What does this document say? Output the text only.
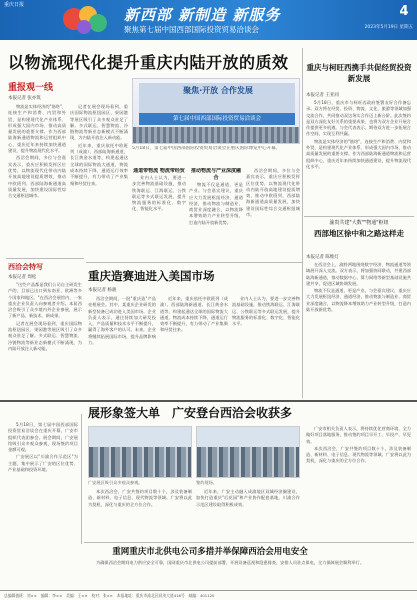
重庆日报
新西部 新制造 新服务
聚焦第七届中国西部国际投资贸易洽谈会
4
2023年5月19日 星期五
以物流现代化提升重庆内陆开放的质效
重报观一线
本报记者 张亦筑

物流是实体经济的"筋络"，连接生产和消费、内贸和外贸，是构建现代化产业体系、形成强大国内市场、推动高质量发展的重要支撑。作为西部陆海新通道物流和运营组织中心，重庆近年来持续加快通道建设，提升物流现代化水平。

西洽会期间，多位与会嘉宾表示，重庆应积极发挥区位优势，以物流现代化带动内陆开放高地建设提质增效，推动中欧班列、西部陆海新通道高质量发展，加快建设国际性综合交通枢纽城市。

记者在展会现场看到，重庆国际物流枢纽园区、果园港等展区吸引了众多观众驻足了解。多式联运、智慧物流、冷链物流等新业态新模式不断涌现，为内陆开放注入新动能。

近年来，重庆依托中欧班列（成渝）、西部陆海新通道、长江黄金水道等，构建起通达全球的国际物流大通道，物流成本持续下降，通道运行效率不断提升，有力带动了产业集聚和经贸往来。

聚焦·开放 合作发展
第七届中国西部国际投资贸易洽谈会
5月18日，第七届中国西部国际投资贸易洽谈会在重庆国际博览中心开幕。
通道带物流 物流带经贸

业内人士认为，要进一步完善物流基础设施，推动铁海联运、江海联运、公铁联运等多式联运发展，提升物流服务的标准化、数字化、智能化水平。

推动物流与产业深度融合

物流不仅是通道，更是产业。与会嘉宾建议，重庆应大力发展枢纽经济、通道经济，推动物流与制造业、商贸业深度融合，以物流降本增效助力产业转型升级，打造内陆开放新优势。

西洽会期间，多位与会嘉宾表示，重庆应积极发挥区位优势，以物流现代化带动内陆开放高地建设提质增效，推动中欧班列、西部陆海新通道高质量发展，加快建设国际性综合交通枢纽城市。

西洽会特写
本报记者 周松

"这些产品都是我们公司自主研发生产的，目前已出口到东南亚、欧洲等多个国家和地区。"在西洽会展馆内，一家重庆企业负责人向参观者介绍。本届西洽会吸引了众多境内外企业参展，展示了新产品、新技术、新成果。

记者在展会现场看到，重庆国际物流枢纽园区、果园港等展区吸引了众多观众驻足了解。多式联运、智慧物流、冷链物流等新业态新模式不断涌现，为内陆开放注入新动能。

重庆造赛迪进入美国市场
本报记者 杨骏

西洽会期间，一批"重庆造"产品亮相展会。其中，某重庆企业研发的新型装备已成功进入美国市场。企业负责人表示，通过持续加大研发投入，产品质量和技术水平不断提升，赢得了海外客户的认可。未来，企业将继续拓展国际市场，提升品牌影响力。

近年来，重庆依托中欧班列（成渝）、西部陆海新通道、长江黄金水道等，构建起通达全球的国际物流大通道，物流成本持续下降，通道运行效率不断提升，有力带动了产业集聚和经贸往来。

业内人士认为，要进一步完善物流基础设施，推动铁海联运、江海联运、公铁联运等多式联运发展，提升物流服务的标准化、数字化、智能化水平。

重庆与柯旺西携手共促经贸投资新发展
本报记者 王亚同

5月18日，重庆市与柯旺西政府签署友好合作备忘录。双方将在经贸、投资、物流、文化、旅游等领域加强交流合作，共同推动双边务实合作迈上新台阶。此次签约是双方深化友好关系的重要成果，也将为双方企业开展合作提供更多机遇。与会代表表示，期待双方进一步拓展合作空间，实现互利共赢。

物流是实体经济的"筋络"，连接生产和消费、内贸和外贸，是构建现代化产业体系、形成强大国内市场、推动高质量发展的重要支撑。作为西部陆海新通道物流和运营组织中心，重庆近年来持续加快通道建设，提升物流现代化水平。

渝贵共建"大数""物通"枢纽
西部地区徐中和之路这样走
本报记者 陈维灯

在西洽会上，渝黔两地围绕数字经济、物流通道等领域展开深入交流。双方表示，将加强协同联动，共建西部陆海新通道，推动数据中心、算力网络等新型基础设施共建共享，促进区域协调发展。

物流不仅是通道，更是产业。与会嘉宾建议，重庆应大力发展枢纽经济、通道经济，推动物流与制造业、商贸业深度融合，以物流降本增效助力产业转型升级，打造内陆开放新优势。

展形象签大单　广安登台西洽会收获多

5月18日，第七届中国西部国际投资贸易洽谈会在重庆开幕，广安市组织代表团参会。展会期间，广安展馆吸引众多观众参观，现场签约项目金额可观。

广安展区以"川渝合作示范区"为主题，集中展示了广安的区位优势、产业基础和投资环境。

广安展区吸引众多观众参观。	签约现场。

本次西洽会，广安共签约项目数十个，涉及装备制造、新材料、电子信息、现代物流等领域。广安将以此为契机，深化与重庆的全方位合作。

近年来，广安主动融入成渝地区双城经济圈建设，加快打造重庆"后花园"和产业协作配套基地，川渝合作示范区建设取得积极成效。

广安市相关负责人表示，将持续优化营商环境，全力做好项目落地服务，推动签约项目早开工、早投产、早见效。

本次西洽会，广安共签约项目数十个，涉及装备制造、新材料、电子信息、现代物流等领域。广安将以此为契机，深化与重庆的全方位合作。

重网重庆市北供电公司多措并举保障西洽会用电安全

为确保西洽会期间电力供应安全可靠，国网重庆市北供电公司提前部署，开展设备巡视和隐患排查，安排人员驻点保电，全力保障展会顺利举行。

总编辑值班：刘××　编辑：李××　美编：王××　校对：张××　本报地址：重庆市渝北区同茂大道416号　邮编：401120
